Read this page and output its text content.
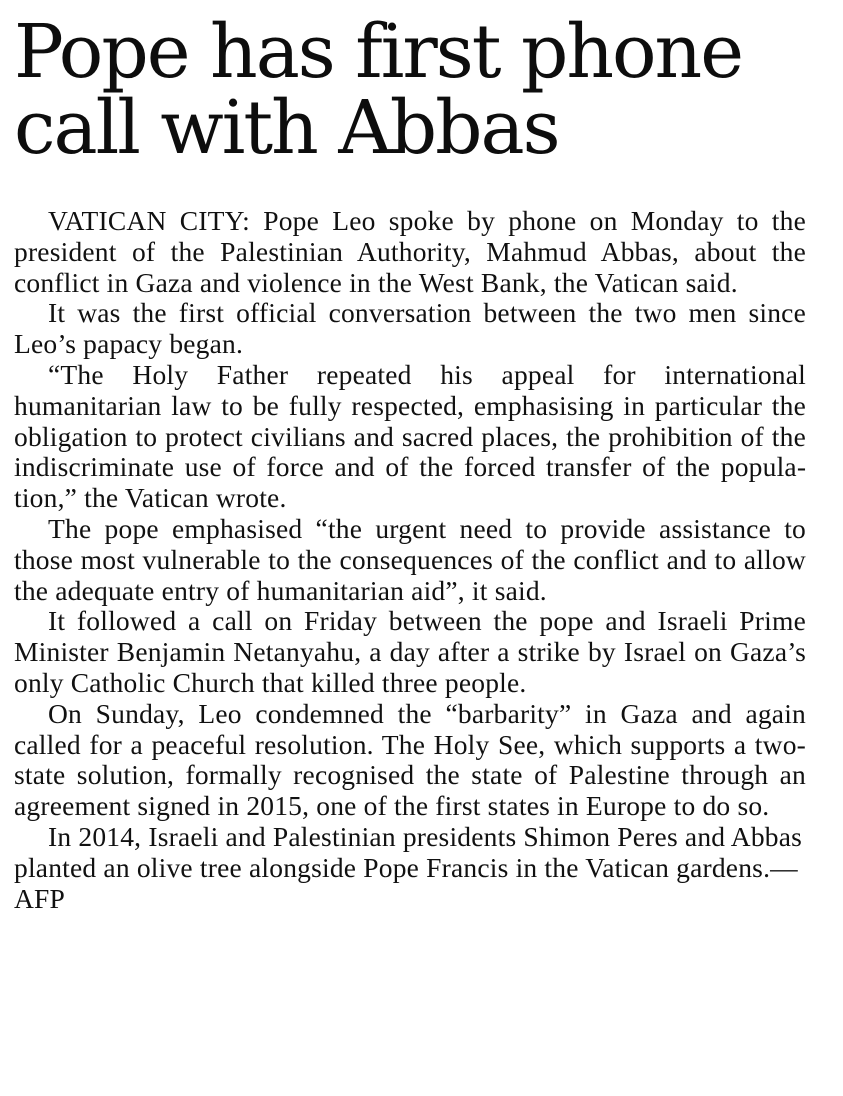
Pope has first phone call with Abbas

VATICAN CITY: Pope Leo spoke by phone on Monday to the president of the Palestinian Authority, Mahmud Abbas, about the conflict in Gaza and violence in the West Bank, the Vatican said.

It was the first official conversation between the two men since Leo’s papacy began.

“The Holy Father repeated his appeal for international humanitarian law to be fully respected, emphasising in particular the obligation to protect civilians and sacred places, the prohibition of the indiscriminate use of force and of the forced transfer of the population,” the Vatican wrote.

The pope emphasised “the urgent need to provide assistance to those most vulnerable to the consequences of the conflict and to allow the adequate entry of humanitarian aid”, it said.

It followed a call on Friday between the pope and Israeli Prime Minister Benjamin Netanyahu, a day after a strike by Israel on Gaza’s only Catholic Church that killed three people.

On Sunday, Leo condemned the “barbarity” in Gaza and again called for a peaceful resolution. The Holy See, which supports a two-state solution, formally recognised the state of Palestine through an agreement signed in 2015, one of the first states in Europe to do so.

In 2014, Israeli and Palestinian presidents Shimon Peres and Abbas planted an olive tree alongside Pope Francis in the Vatican gardens.—AFP
